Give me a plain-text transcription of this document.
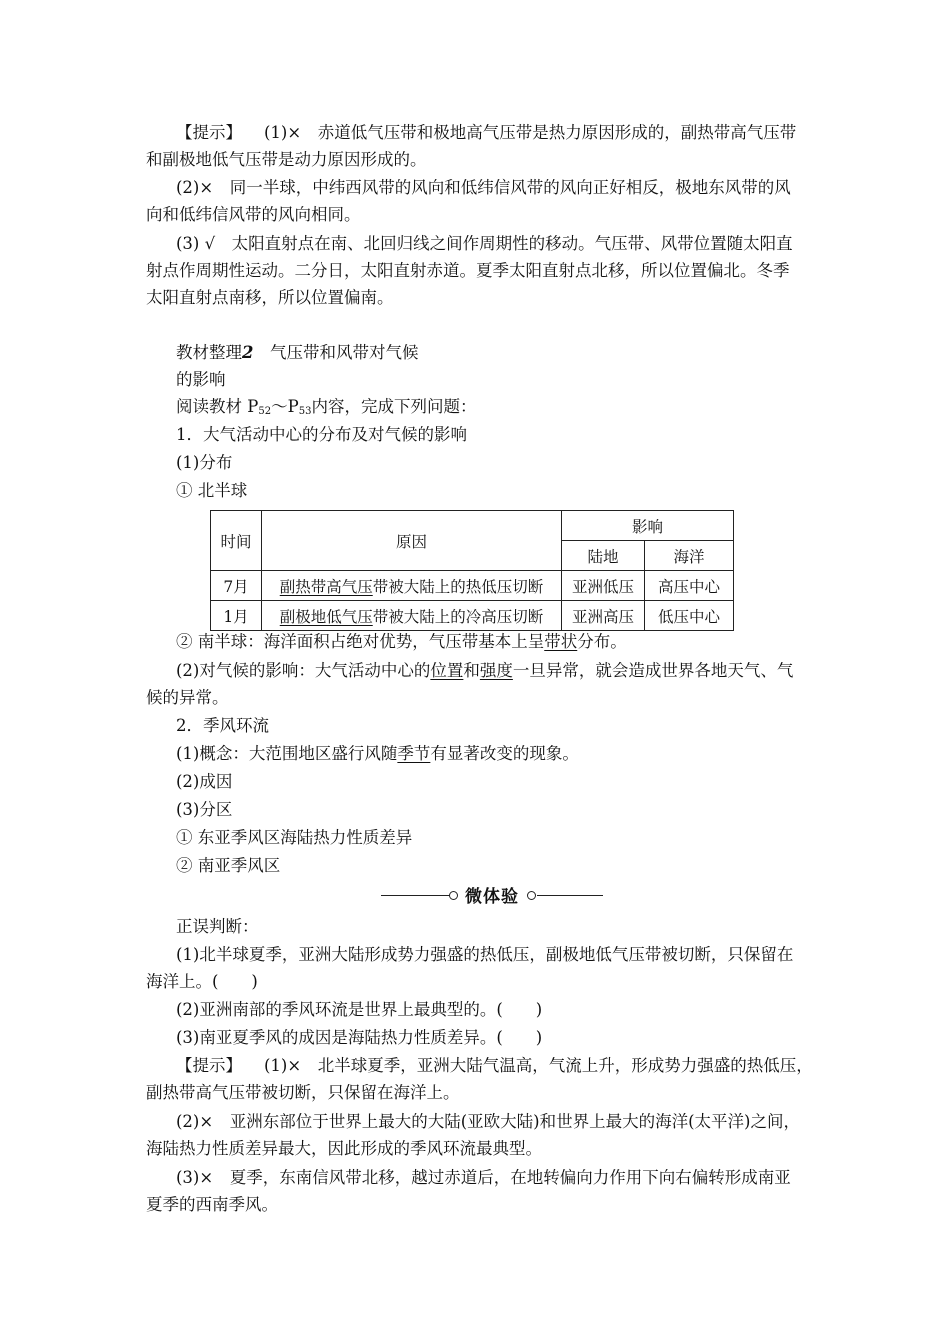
【提示】 (1)×　赤道低气压带和极地高气压带是热力原因形成的，副热带高气压带
和副极地低气压带是动力原因形成的。
(2)×　同一半球，中纬西风带的风向和低纬信风带的风向正好相反，极地东风带的风
向和低纬信风带的风向相同。
(3) √　太阳直射点在南、北回归线之间作周期性的移动。气压带、风带位置随太阳直
射点作周期性运动。二分日，太阳直射赤道。夏季太阳直射点北移，所以位置偏北。冬季
太阳直射点南移，所以位置偏南。
教材整理2　气压带和风带对气候
的影响
阅读教材 $P_{52}\sim P_{53}$内容，完成下列问题：
1．大气活动中心的分布及对气候的影响
(1)分布
① 北半球
时间	原因	影响	
		陆地	海洋
7月	副热带高气压带被大陆上的热低压切断	亚洲低压	高压中心
1月	副极地低气压带被大陆上的冷高压切断	亚洲高压	低压中心
② 南半球：海洋面积占绝对优势，气压带基本上呈带状分布。
(2)对气候的影响：大气活动中心的位置和强度一旦异常，就会造成世界各地天气、气
候的异常。
2．季风环流
(1)概念：大范围地区盛行风随季节有显著改变的现象。
(2)成因
(3)分区
① 东亚季风区海陆热力性质差异
② 南亚季风区
微体验
正误判断：
(1)北半球夏季，亚洲大陆形成势力强盛的热低压，副极地低气压带被切断，只保留在
海洋上。(　　)
(2)亚洲南部的季风环流是世界上最典型的。(　　)
(3)南亚夏季风的成因是海陆热力性质差异。(　　)
【提示】 (1)×　北半球夏季，亚洲大陆气温高，气流上升，形成势力强盛的热低压，
副热带高气压带被切断，只保留在海洋上。
(2)×　亚洲东部位于世界上最大的大陆(亚欧大陆)和世界上最大的海洋(太平洋)之间，
海陆热力性质差异最大，因此形成的季风环流最典型。
(3)×　夏季，东南信风带北移，越过赤道后，在地转偏向力作用下向右偏转形成南亚
夏季的西南季风。
